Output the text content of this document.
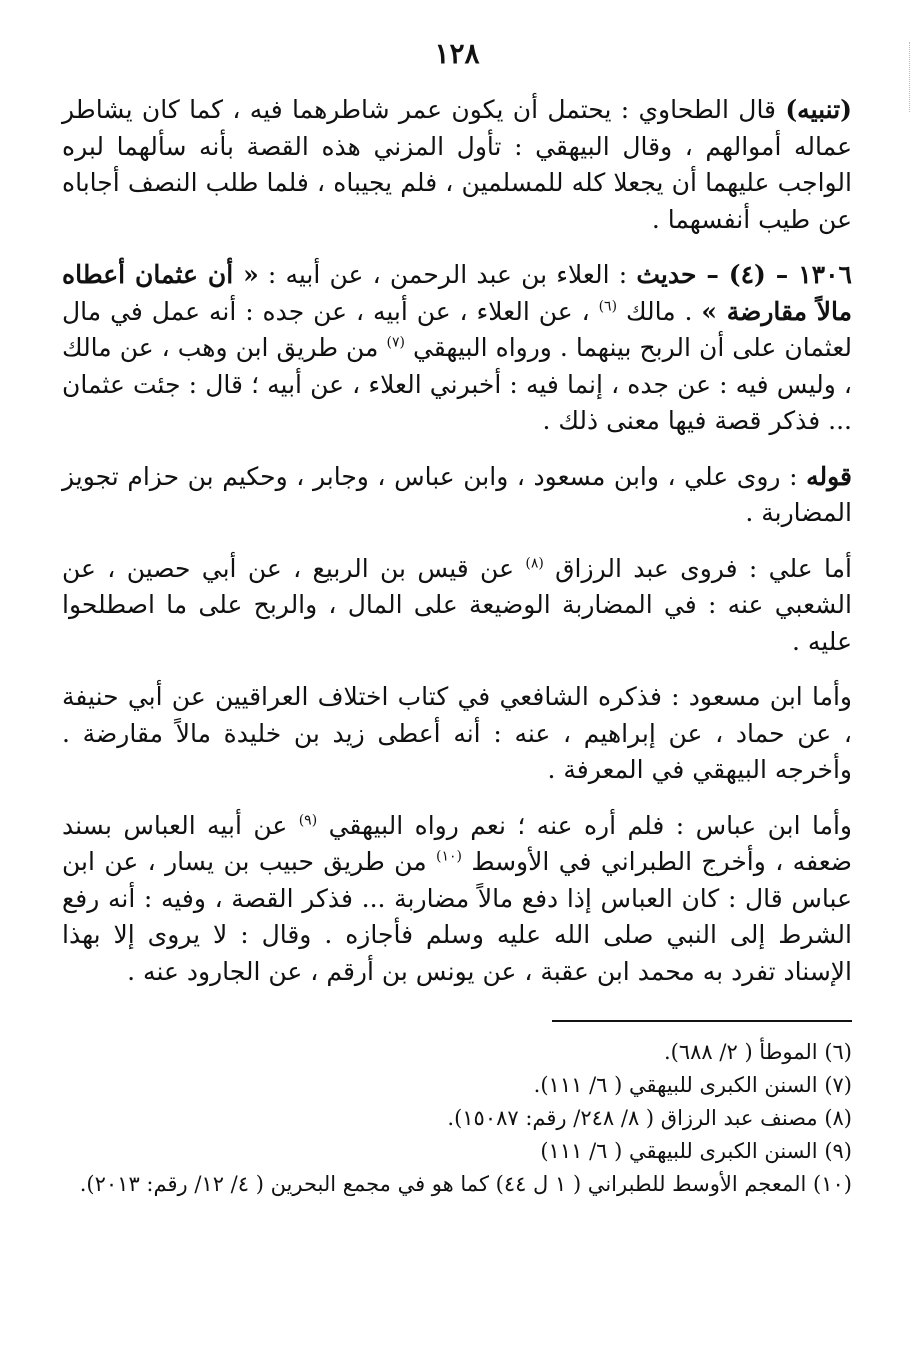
١٢٨

(تنبيه) قال الطحاوي : يحتمل أن يكون عمر شاطرهما فيه ، كما كان يشاطر عماله أموالهم ، وقال البيهقي : تأول المزني هذه القصة بأنه سألهما لبره الواجب عليهما أن يجعلا كله للمسلمين ، فلم يجيباه ، فلما طلب النصف أجاباه عن طيب أنفسهما .

١٣٠٦ – (٤) – حديث : العلاء بن عبد الرحمن ، عن أبيه : « أن عثمان أعطاه مالاً مقارضة » . مالك $^{(٦)}$ ، عن العلاء ، عن أبيه ، عن جده : أنه عمل في مال لعثمان على أن الربح بينهما . ورواه البيهقي $^{(٧)}$ من طريق ابن وهب ، عن مالك ، وليس فيه : عن جده ، إنما فيه : أخبرني العلاء ، عن أبيه ؛ قال : جئت عثمان ... فذكر قصة فيها معنى ذلك .

قوله : روى علي ، وابن مسعود ، وابن عباس ، وجابر ، وحكيم بن حزام تجويز المضاربة .

أما علي : فروى عبد الرزاق $^{(٨)}$ عن قيس بن الربيع ، عن أبي حصين ، عن الشعبي عنه : في المضاربة الوضيعة على المال ، والربح على ما اصطلحوا عليه .

وأما ابن مسعود : فذكره الشافعي في كتاب اختلاف العراقيين عن أبي حنيفة ، عن حماد ، عن إبراهيم ، عنه : أنه أعطى زيد بن خليدة مالاً مقارضة . وأخرجه البيهقي في المعرفة .

وأما ابن عباس : فلم أره عنه ؛ نعم رواه البيهقي $^{(٩)}$ عن أبيه العباس بسند ضعفه ، وأخرج الطبراني في الأوسط $^{(١٠)}$ من طريق حبيب بن يسار ، عن ابن عباس قال : كان العباس إذا دفع مالاً مضاربة ... فذكر القصة ، وفيه : أنه رفع الشرط إلى النبي صلى الله عليه وسلم فأجازه . وقال : لا يروى إلا بهذا الإسناد تفرد به محمد ابن عقبة ، عن يونس بن أرقم ، عن الجارود عنه .

(٦) الموطأ ( ٢/ ٦٨٨).

(٧) السنن الكبرى للبيهقي ( ٦/ ١١١).

(٨) مصنف عبد الرزاق ( ٨/ ٢٤٨/ رقم: ١٥٠٨٧).

(٩) السنن الكبرى للبيهقي ( ٦/ ١١١)

(١٠) المعجم الأوسط للطبراني ( ١ ل ٤٤) كما هو في مجمع البحرين ( ٤/ ١٢/ رقم: ٢٠١٣).
